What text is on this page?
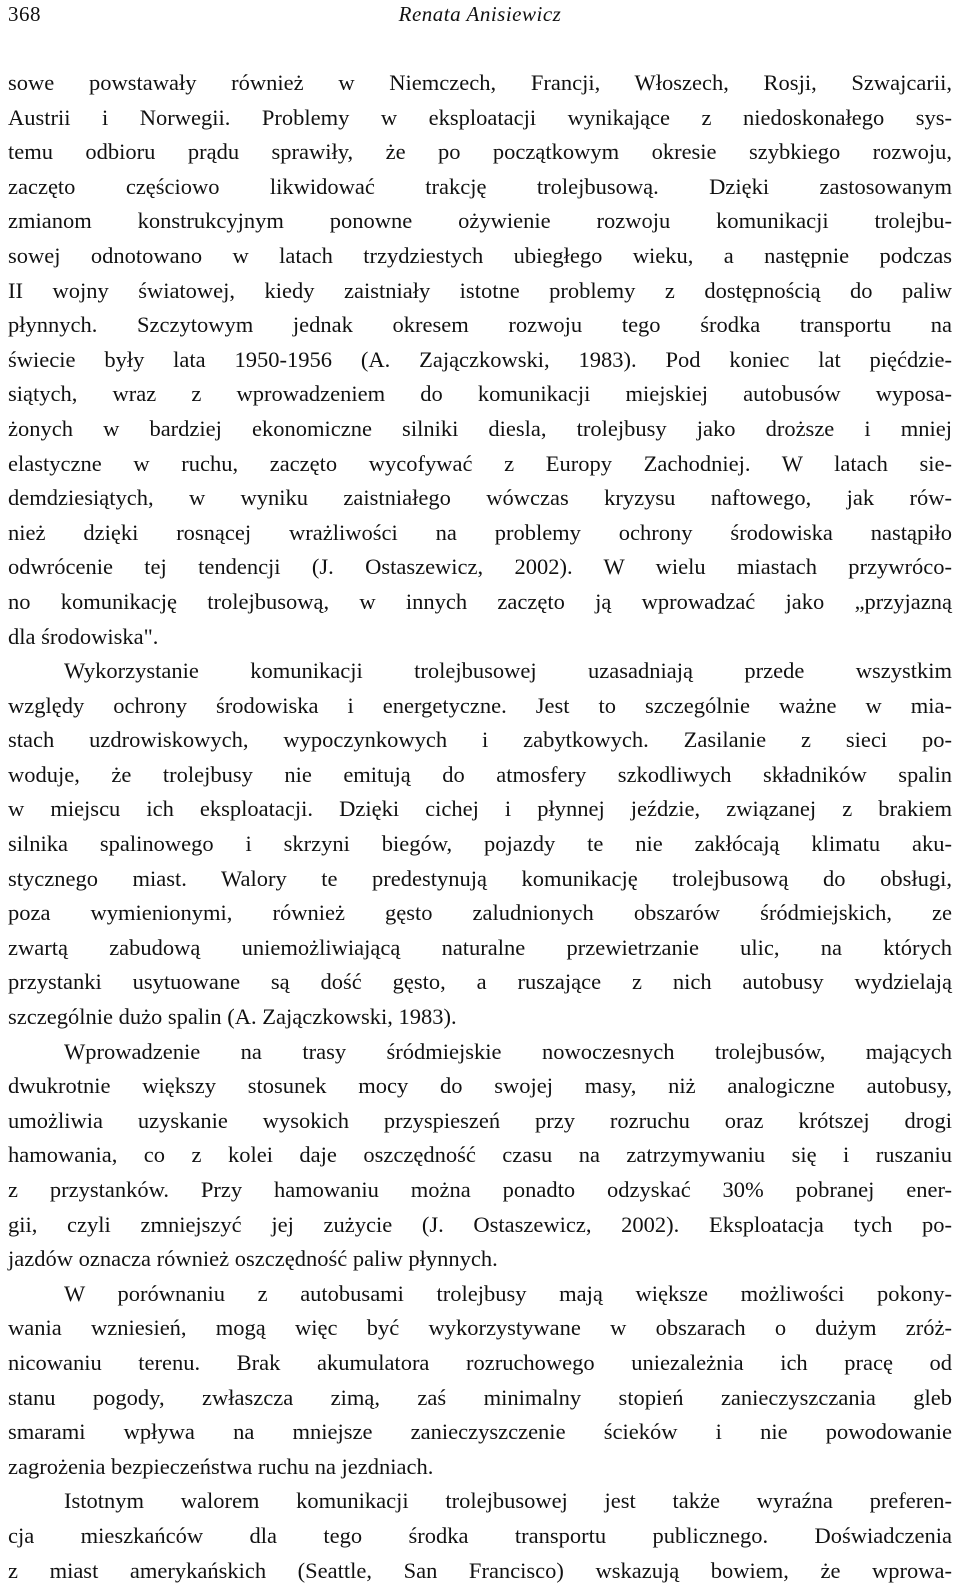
368	Renata Anisiewicz
sowe powstawały również w Niemczech, Francji, Włoszech, Rosji, Szwajcarii,
Austrii i Norwegii. Problemy w eksploatacji wynikające z niedoskonałego sys-
temu odbioru prądu sprawiły, że po początkowym okresie szybkiego rozwoju,
zaczęto częściowo likwidować trakcję trolejbusową. Dzięki zastosowanym
zmianom konstrukcyjnym ponowne ożywienie rozwoju komunikacji trolejbu-
sowej odnotowano w latach trzydziestych ubiegłego wieku, a następnie podczas
II wojny światowej, kiedy zaistniały istotne problemy z dostępnością do paliw
płynnych. Szczytowym jednak okresem rozwoju tego środka transportu na
świecie były lata 1950-1956 (A. Zajączkowski, 1983). Pod koniec lat pięćdzie-
siątych, wraz z wprowadzeniem do komunikacji miejskiej autobusów wyposa-
żonych w bardziej ekonomiczne silniki diesla, trolejbusy jako droższe i mniej
elastyczne w ruchu, zaczęto wycofywać z Europy Zachodniej. W latach sie-
demdziesiątych, w wyniku zaistniałego wówczas kryzysu naftowego, jak rów-
nież dzięki rosnącej wrażliwości na problemy ochrony środowiska nastąpiło
odwrócenie tej tendencji (J. Ostaszewicz, 2002). W wielu miastach przywróco-
no komunikację trolejbusową, w innych zaczęto ją wprowadzać jako „przyjazną
dla środowiska".
Wykorzystanie komunikacji trolejbusowej uzasadniają przede wszystkim
względy ochrony środowiska i energetyczne. Jest to szczególnie ważne w mia-
stach uzdrowiskowych, wypoczynkowych i zabytkowych. Zasilanie z sieci po-
woduje, że trolejbusy nie emitują do atmosfery szkodliwych składników spalin
w miejscu ich eksploatacji. Dzięki cichej i płynnej jeździe, związanej z brakiem
silnika spalinowego i skrzyni biegów, pojazdy te nie zakłócają klimatu aku-
stycznego miast. Walory te predestynują komunikację trolejbusową do obsługi,
poza wymienionymi, również gęsto zaludnionych obszarów śródmiejskich, ze
zwartą zabudową uniemożliwiającą naturalne przewietrzanie ulic, na których
przystanki usytuowane są dość gęsto, a ruszające z nich autobusy wydzielają
szczególnie dużo spalin (A. Zajączkowski, 1983).
Wprowadzenie na trasy śródmiejskie nowoczesnych trolejbusów, mających
dwukrotnie większy stosunek mocy do swojej masy, niż analogiczne autobusy,
umożliwia uzyskanie wysokich przyspieszeń przy rozruchu oraz krótszej drogi
hamowania, co z kolei daje oszczędność czasu na zatrzymywaniu się i ruszaniu
z przystanków. Przy hamowaniu można ponadto odzyskać 30% pobranej ener-
gii, czyli zmniejszyć jej zużycie (J. Ostaszewicz, 2002). Eksploatacja tych po-
jazdów oznacza również oszczędność paliw płynnych.
W porównaniu z autobusami trolejbusy mają większe możliwości pokony-
wania wzniesień, mogą więc być wykorzystywane w obszarach o dużym zróż-
nicowaniu terenu. Brak akumulatora rozruchowego uniezależnia ich pracę od
stanu pogody, zwłaszcza zimą, zaś minimalny stopień zanieczyszczania gleb
smarami wpływa na mniejsze zanieczyszczenie ścieków i nie powodowanie
zagrożenia bezpieczeństwa ruchu na jezdniach.
Istotnym walorem komunikacji trolejbusowej jest także wyraźna preferen-
cja mieszkańców dla tego środka transportu publicznego. Doświadczenia
z miast amerykańskich (Seattle, San Francisco) wskazują bowiem, że wprowa-
